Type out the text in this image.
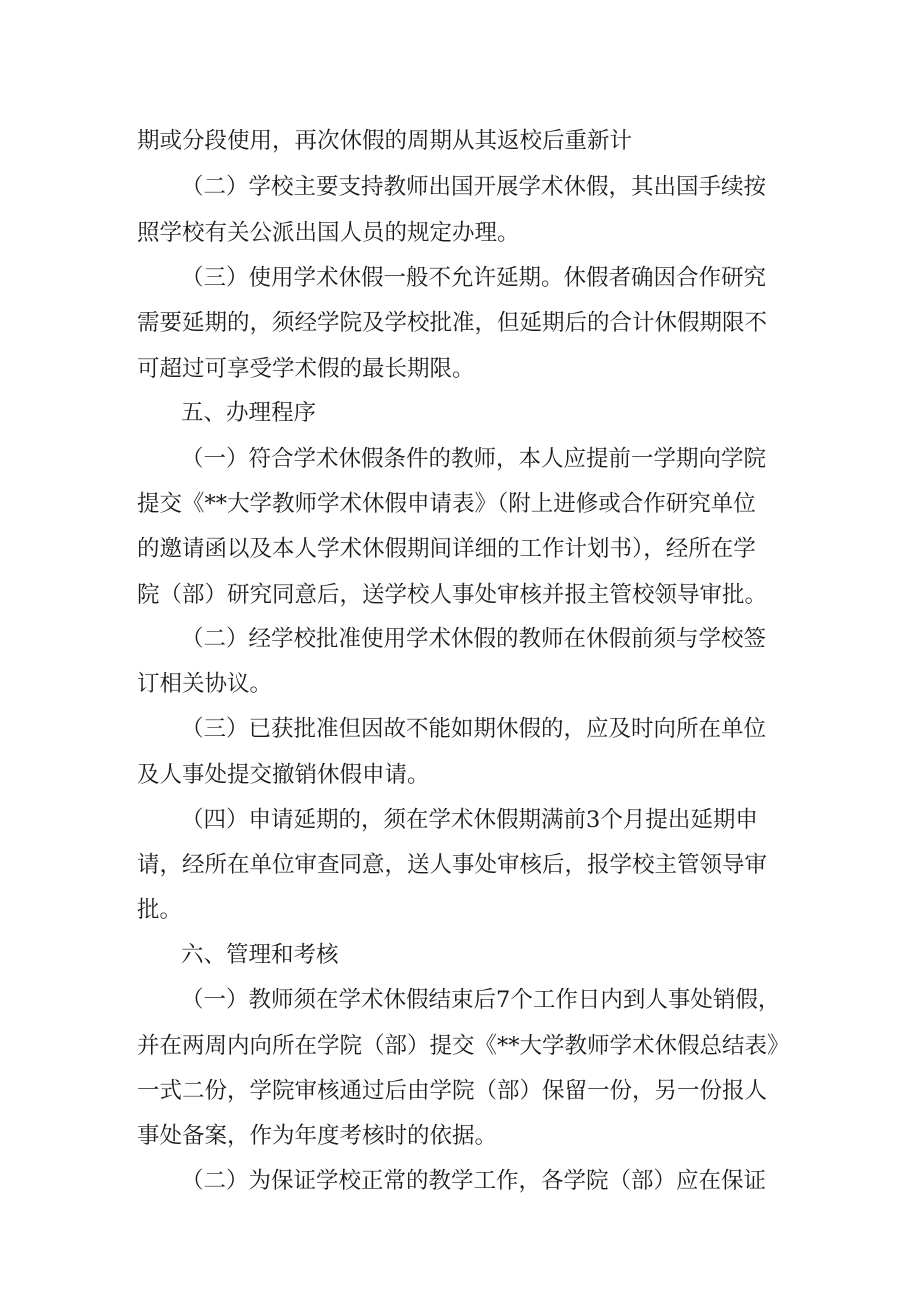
期或分段使用，再次休假的周期从其返校后重新计
（二）学校主要支持教师出国开展学术休假，其出国手续按
照学校有关公派出国人员的规定办理。
（三）使用学术休假一般不允许延期。休假者确因合作研究
需要延期的，须经学院及学校批准，但延期后的合计休假期限不
可超过可享受学术假的最长期限。
五、办理程序
（一）符合学术休假条件的教师，本人应提前一学期向学院
提交《**大学教师学术休假申请表》（附上进修或合作研究单位
的邀请函以及本人学术休假期间详细的工作计划书），经所在学
院（部）研究同意后，送学校人事处审核并报主管校领导审批。
（二）经学校批准使用学术休假的教师在休假前须与学校签
订相关协议。
（三）已获批准但因故不能如期休假的，应及时向所在单位
及人事处提交撤销休假申请。
（四）申请延期的，须在学术休假期满前3个月提出延期申
请，经所在单位审查同意，送人事处审核后，报学校主管领导审
批。
六、管理和考核
（一）教师须在学术休假结束后7个工作日内到人事处销假，
并在两周内向所在学院（部）提交《**大学教师学术休假总结表》
一式二份，学院审核通过后由学院（部）保留一份，另一份报人
事处备案，作为年度考核时的依据。
（二）为保证学校正常的教学工作，各学院（部）应在保证
